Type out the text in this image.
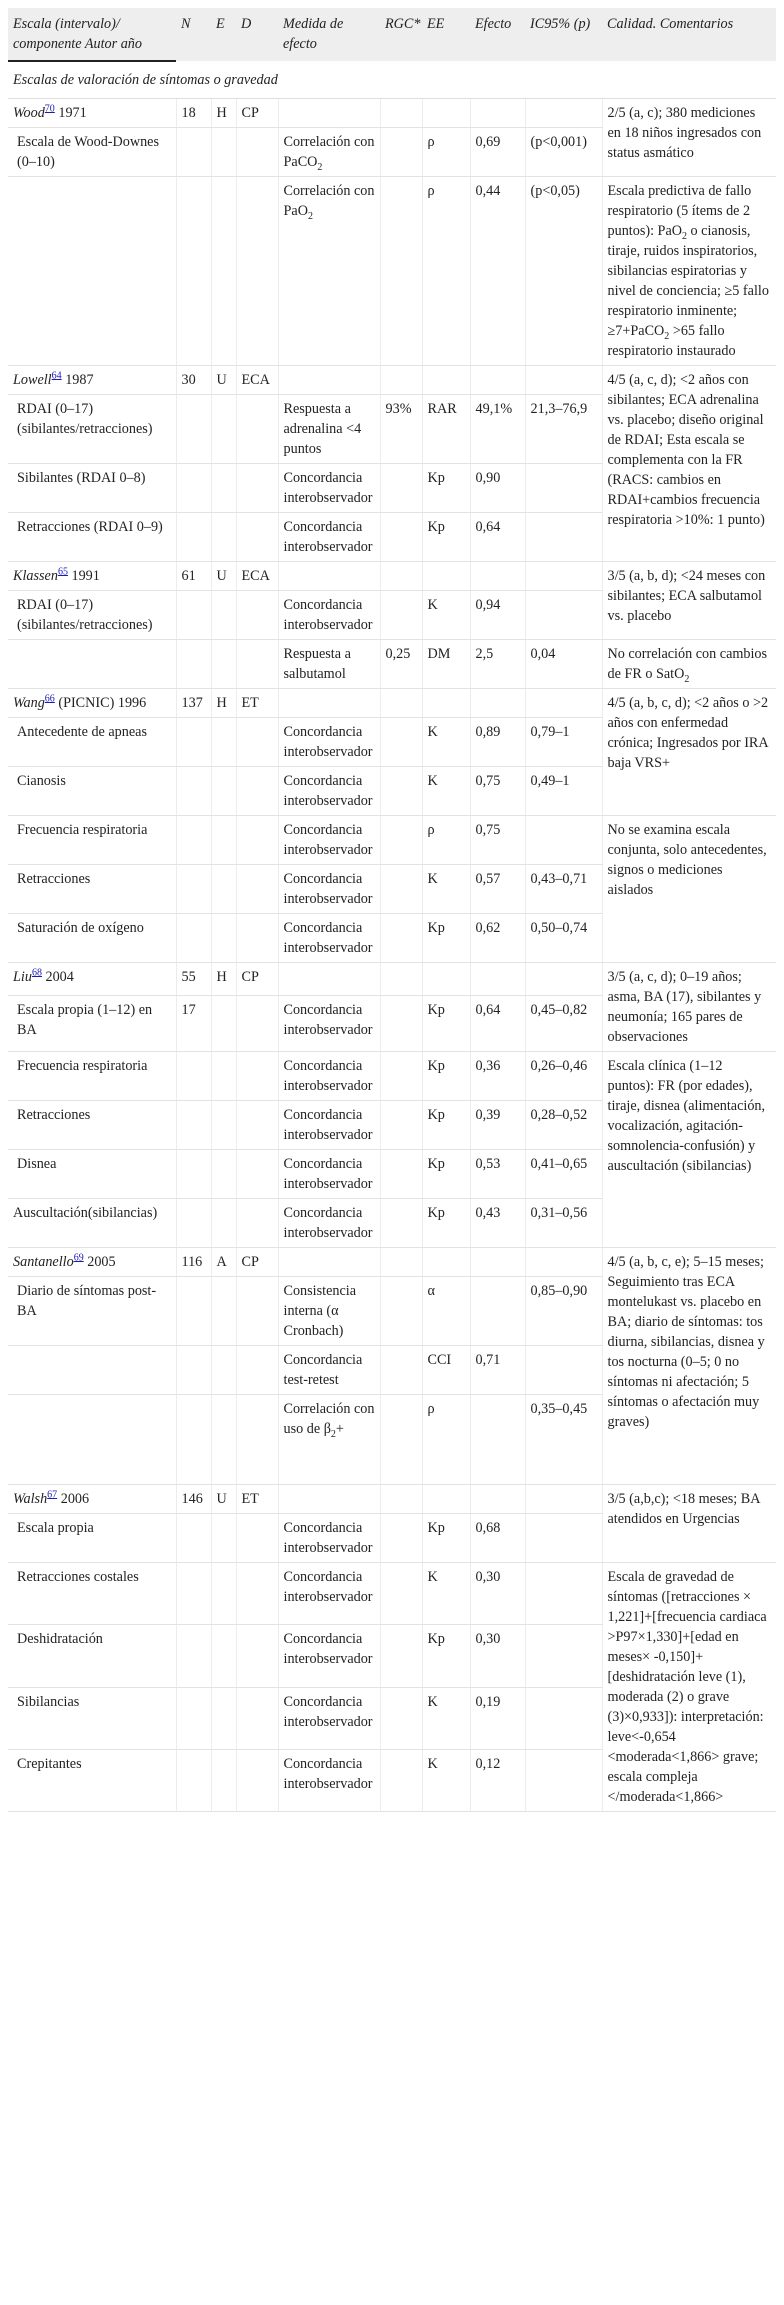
Escala (intervalo)/ componente Autor año	N	E	D	Medida de efecto	RGC*	EE	Efecto	IC95% (p)	Calidad. Comentarios
Escalas de valoración de síntomas o gravedad									
Wood$^{70}$ 1971	18	H	CP						2/5 (a, c); 380 mediciones en 18 niños ingresados con status asmático
Escala de Wood-Downes (0–10)				Correlación con PaCO$_2$		ρ	0,69	(p<0,001)	
				Correlación con PaO$_2$		ρ	0,44	(p<0,05)	Escala predictiva de fallo respiratorio (5 ítems de 2 puntos): PaO$_2$ o cianosis, tiraje, ruidos inspiratorios, sibilancias espiratorias y nivel de conciencia; ≥5 fallo respiratorio inminente; ≥7+PaCO$_2$ >65 fallo respiratorio instaurado
Lowell$^{64}$ 1987	30	U	ECA						4/5 (a, c, d); <2 años con sibilantes; ECA adrenalina vs. placebo; diseño original de RDAI; Esta escala se complementa con la FR (RACS: cambios en RDAI+cambios frecuencia respiratoria >10%: 1 punto)
RDAI (0–17) (sibilantes/retracciones)				Respuesta a adrenalina <4 puntos	93%	RAR	49,1%	21,3–76,9	
Sibilantes (RDAI 0–8)				Concordancia interobservador		Kp	0,90		
Retracciones (RDAI 0–9)				Concordancia interobservador		Kp	0,64		
Klassen$^{65}$ 1991	61	U	ECA						3/5 (a, b, d); <24 meses con sibilantes; ECA salbutamol vs. placebo
RDAI (0–17) (sibilantes/retracciones)				Concordancia interobservador		K	0,94		
				Respuesta a salbutamol	0,25	DM	2,5	0,04	No correlación con cambios de FR o SatO$_2$
Wang$^{66}$ (PICNIC) 1996	137	H	ET						4/5 (a, b, c, d); <2 años o >2 años con enfermedad crónica; Ingresados por IRA baja VRS+
Antecedente de apneas				Concordancia interobservador		K	0,89	0,79–1	
Cianosis				Concordancia interobservador		K	0,75	0,49–1	
Frecuencia respiratoria				Concordancia interobservador		ρ	0,75		No se examina escala conjunta, solo antecedentes, signos o mediciones aislados
Retracciones				Concordancia interobservador		K	0,57	0,43–0,71	
Saturación de oxígeno				Concordancia interobservador		Kp	0,62	0,50–0,74	
Liu$^{68}$ 2004	55	H	CP						3/5 (a, c, d); 0–19 años; asma, BA (17), sibilantes y neumonía; 165 pares de observaciones
Escala propia (1–12) en BA	17			Concordancia interobservador		Kp	0,64	0,45–0,82	
Frecuencia respiratoria				Concordancia interobservador		Kp	0,36	0,26–0,46	Escala clínica (1–12 puntos): FR (por edades), tiraje, disnea (alimentación, vocalización, agitación-somnolencia-confusión) y auscultación (sibilancias)
Retracciones				Concordancia interobservador		Kp	0,39	0,28–0,52	
Disnea				Concordancia interobservador		Kp	0,53	0,41–0,65	
Auscultación(sibilancias)				Concordancia interobservador		Kp	0,43	0,31–0,56	
Santanello$^{69}$ 2005	116	A	CP						4/5 (a, b, c, e); 5–15 meses; Seguimiento tras ECA montelukast vs. placebo en BA; diario de síntomas: tos diurna, sibilancias, disnea y tos nocturna (0–5; 0 no síntomas ni afectación; 5 síntomas o afectación muy graves)
Diario de síntomas post-BA				Consistencia interna (α Cronbach)		α		0,85–0,90	
				Concordancia test-retest		CCI	0,71		
				Correlación con uso de $\beta_2+$		ρ		0,35–0,45	
Walsh$^{67}$ 2006	146	U	ET						3/5 (a,b,c); <18 meses; BA atendidos en Urgencias
Escala propia				Concordancia interobservador		Kp	0,68		
Retracciones costales				Concordancia interobservador		K	0,30		Escala de gravedad de síntomas ([retracciones × 1,221]+[frecuencia cardiaca >P97×1,330]+[edad en meses× -0,150]+[deshidratación leve (1), moderada (2) o grave (3)×0,933]): interpretación: leve<-0,654 <moderada<1,866> grave; escala compleja </moderada<1,866>
Deshidratación				Concordancia interobservador		Kp	0,30		
Sibilancias				Concordancia interobservador		K	0,19		
Crepitantes				Concordancia interobservador		K	0,12		
